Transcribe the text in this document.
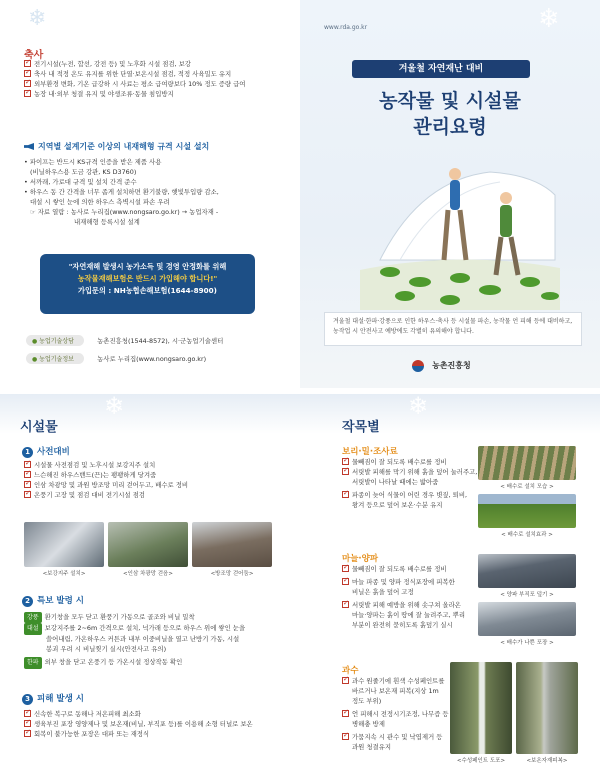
❄
축사
✓전기시설(누전, 합선, 강전 등) 및 노후화 시설 점검, 보강
✓축사 내 적정 온도 유지를 위한 단열·보온시설 점검, 적정 사육밀도 유지
✓외부환경 변화, 기온 급강하 시 사료는 평소 급여량보다 10% 정도 증량 급여
✓농장 내·외부 청결 유지 및 야생조류·동물 침입방지
지역별 설계기준 이상의 내재해형 규격 시설 설치
• 파이프는 반드시 KS규격 인증을 받은 제품 사용
(비닐하우스용 도금 강관, KS D3760)
• 서까래, 가로대 규격 및 설치 간격 준수
• 하우스 동 간 간격을 너무 좁게 설치하면 환기불량, 햇빛투입량 감소,
대설 시 쌓인 눈에 의한 하우스 측벽시설 파손 우려
☞ 자료 열람 : 농사로 누리집(www.nongsaro.go.kr) → 농업자재 -
내재해형 등록시설 설계
"자연재해 발생시 농가소득 및 경영 안정화를 위해
농작물재해보험은 반드시 가입해야 합니다!"
가입문의 : NH농협손해보험(1644-8900)
● 농업기술상담	농촌진흥청(1544-8572), 시·군농업기술센터
● 농업기술정보	농사로 누리집(www.nongsaro.go.kr)
❄
www.rda.go.kr
겨울철 자연재난 대비
농작물 및 시설물
관리요령
겨울철 대설·한파·강풍으로 인한 하우스·축사 등 시설물 파손, 농작물 언 피해 등에 대비하고, 농작업 시 안전사고 예방에도 각별히 유의해야 합니다.
농촌진흥청
❄
시설물
1 사전대비
✓시설물 사전점검 및 노후시설 보강지주 설치
✓느슨해진 하우스밴드(끈)는 팽팽하게 당겨줌
✓인삼 차광망 및 과원 방조망 미리 걷어두고, 배수로 정비
✓온풍기 고장 및 점검 대비 전기시설 점검
<보강지주 설치>	<인삼 차광망 걷음>	<방조망 걷어둠>
2 특보 발령 시
강풍 환기창을 모두 닫고 환풍기 가동으로 골조와 비닐 밀착
대설 보강지주를 2~6m 간격으로 설치, 넉가래 등으로 하우스 위에 쌓인 눈을
쓸어내림, 가온하우스 커튼과 내부 이중비닐을 열고 난방기 가동, 시설
봉괴 우려 시 비닐찢기 실시(안전사고 유의)
한파 외부 창을 닫고 온풍기 등 가온시설 정상작동 확인
3 피해 발생 시
✓신속한 복구로 동해나 저온피해 최소화
✓생육부진 포장 영양제나 및 보온재(비닐, 부직포 등)를 이용해 소형 터널로 보온
✓회복이 불가능한 포장은 대파 또는 재정식
❄
작목별
보리·밀·조사료
✓물빼짐이 잘 되도록 배수로를 정비
✓서릿발 피해를 막기 위해 흙을 덮어 눌러주고,
서릿발이 나타날 때에는 밟아줌
✓파종이 늦어 식물이 어린 경우 볏짚, 퇴비,
왕겨 등으로 덮어 보온·수분 유지
< 배수로 설치 모습 >
< 배수로 설치효과 >
마늘·양파
✓물빼짐이 잘 되도록 배수로를 정비
✓마늘 파종 및 양파 정식포장에 피복한
비닐은 흙을 덮어 고정
✓서릿발 피해 예방을 위해 솟구쳐 올라온
마늘·양파는 흙이 땅에 잘 눌려주고, 뿌리
부분이 완전히 묻히도록 흙덮기 실시
< 양파 부직포 덮기 >
< 배수가 나쁜 포장 >
과수
✓과수 원줄기에 흰색 수성페인트를
바르거나 보온재 피복(지상 1m
정도 부위)
✓언 피해시 전정시기조정, 나무즙 등
병해충 방제
✓가뭄지속 시 관수 및 낙엽제거 등
과원 청결유지
<수성페인트 도포>	<보온자재피복>
